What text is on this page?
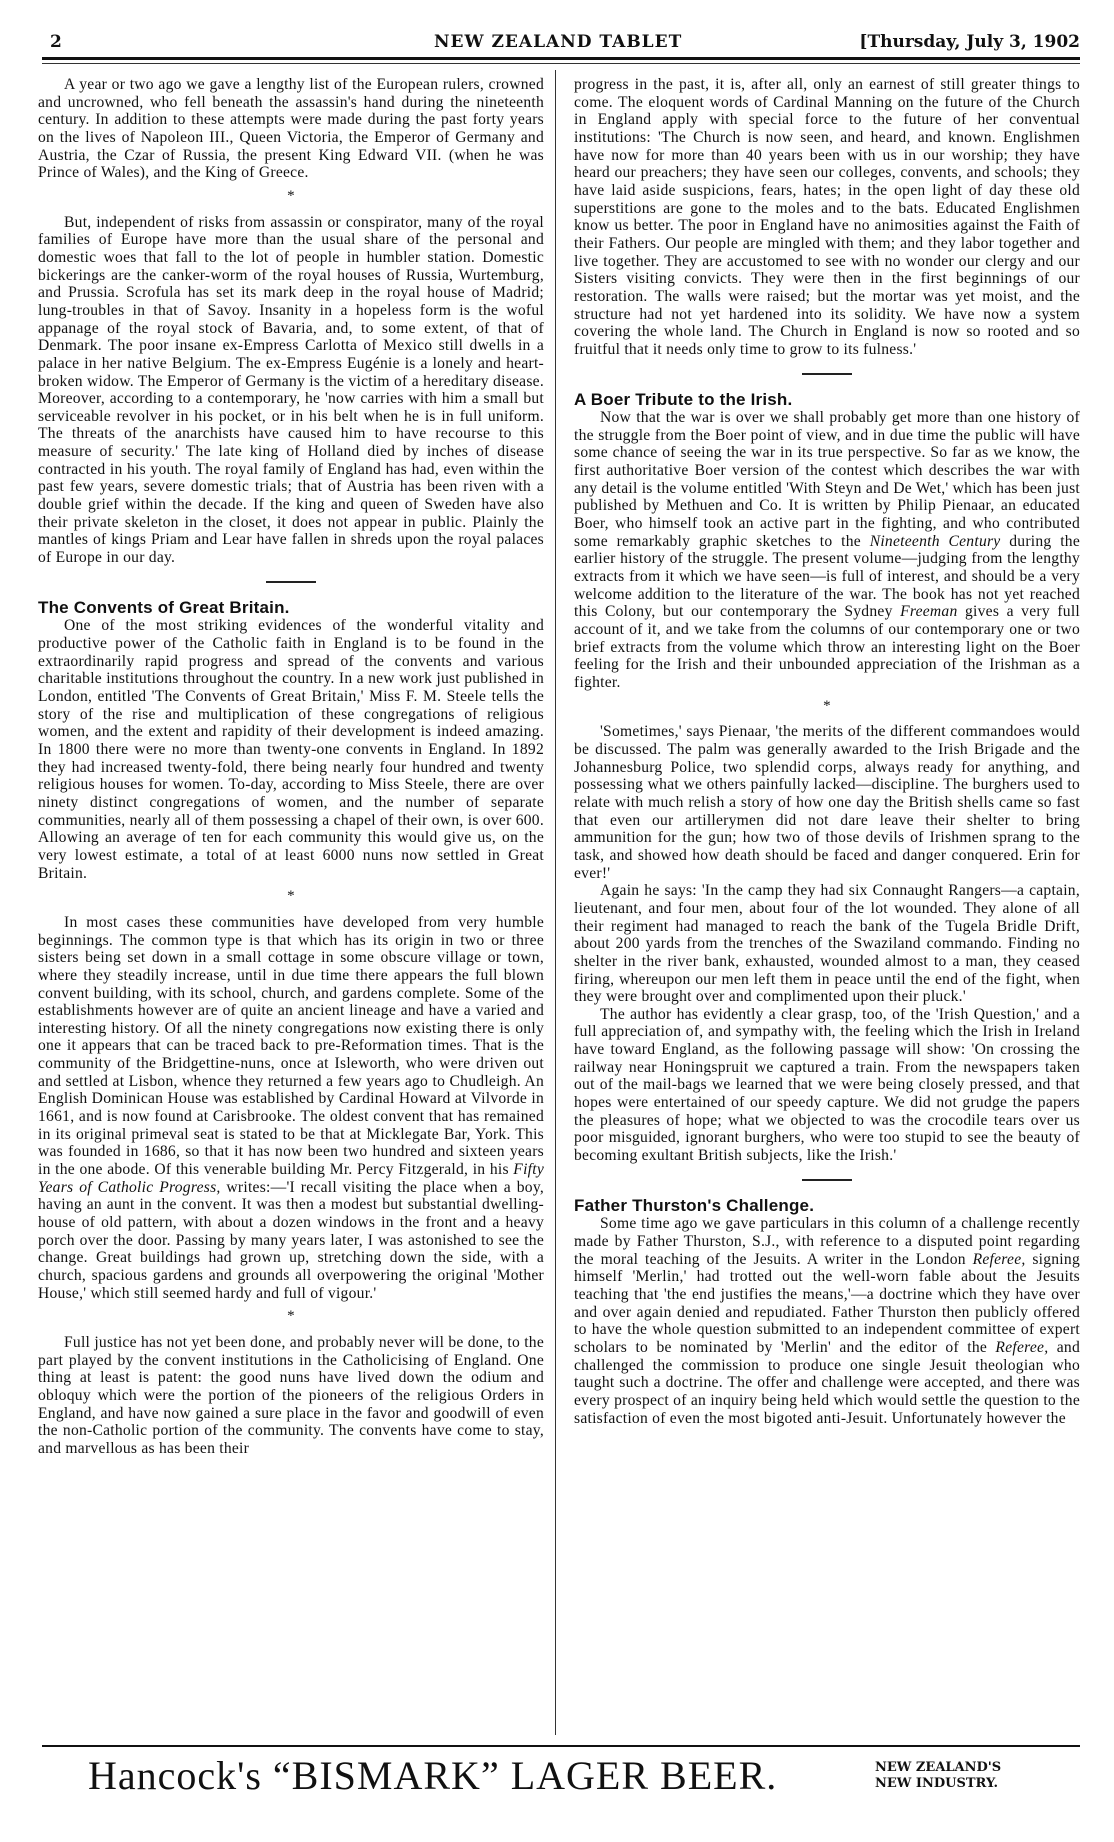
2	NEW ZEALAND TABLET	[Thursday, July 3, 1902

A year or two ago we gave a lengthy list of the European rulers, crowned and uncrowned, who fell beneath the assassin's hand during the nineteenth century. In addition to these attempts were made during the past forty years on the lives of Napoleon III., Queen Victoria, the Emperor of Germany and Austria, the Czar of Russia, the present King Edward VII. (when he was Prince of Wales), and the King of Greece.

*

But, independent of risks from assassin or conspirator, many of the royal families of Europe have more than the usual share of the personal and domestic woes that fall to the lot of people in humbler station. Domestic bickerings are the canker-worm of the royal houses of Russia, Wurtemburg, and Prussia. Scrofula has set its mark deep in the royal house of Madrid; lung-troubles in that of Savoy. Insanity in a hopeless form is the woful appanage of the royal stock of Bavaria, and, to some extent, of that of Denmark. The poor insane ex-Empress Carlotta of Mexico still dwells in a palace in her native Belgium. The ex-Empress Eugénie is a lonely and heart-broken widow. The Emperor of Germany is the victim of a hereditary disease. Moreover, according to a contemporary, he 'now carries with him a small but serviceable revolver in his pocket, or in his belt when he is in full uniform. The threats of the anarchists have caused him to have recourse to this measure of security.' The late king of Holland died by inches of disease contracted in his youth. The royal family of England has had, even within the past few years, severe domestic trials; that of Austria has been riven with a double grief within the decade. If the king and queen of Sweden have also their private skeleton in the closet, it does not appear in public. Plainly the mantles of kings Priam and Lear have fallen in shreds upon the royal palaces of Europe in our day.

The Convents of Great Britain.

One of the most striking evidences of the wonderful vitality and productive power of the Catholic faith in England is to be found in the extraordinarily rapid progress and spread of the convents and various charitable institutions throughout the country. In a new work just published in London, entitled 'The Convents of Great Britain,' Miss F. M. Steele tells the story of the rise and multiplication of these congregations of religious women, and the extent and rapidity of their development is indeed amazing. In 1800 there were no more than twenty-one convents in England. In 1892 they had increased twenty-fold, there being nearly four hundred and twenty religious houses for women. To-day, according to Miss Steele, there are over ninety distinct congregations of women, and the number of separate communities, nearly all of them possessing a chapel of their own, is over 600. Allowing an average of ten for each community this would give us, on the very lowest estimate, a total of at least 6000 nuns now settled in Great Britain.

*

In most cases these communities have developed from very humble beginnings. The common type is that which has its origin in two or three sisters being set down in a small cottage in some obscure village or town, where they steadily increase, until in due time there appears the full blown convent building, with its school, church, and gardens complete. Some of the establishments however are of quite an ancient lineage and have a varied and interesting history. Of all the ninety congregations now existing there is only one it appears that can be traced back to pre-Reformation times. That is the community of the Bridgettine-nuns, once at Isleworth, who were driven out and settled at Lisbon, whence they returned a few years ago to Chudleigh. An English Dominican House was established by Cardinal Howard at Vilvorde in 1661, and is now found at Carisbrooke. The oldest convent that has remained in its original primeval seat is stated to be that at Micklegate Bar, York. This was founded in 1686, so that it has now been two hundred and sixteen years in the one abode. Of this venerable building Mr. Percy Fitzgerald, in his Fifty Years of Catholic Progress, writes:—'I recall visiting the place when a boy, having an aunt in the convent. It was then a modest but substantial dwelling-house of old pattern, with about a dozen windows in the front and a heavy porch over the door. Passing by many years later, I was astonished to see the change. Great buildings had grown up, stretching down the side, with a church, spacious gardens and grounds all overpowering the original 'Mother House,' which still seemed hardy and full of vigour.'

*

Full justice has not yet been done, and probably never will be done, to the part played by the convent institutions in the Catholicising of England. One thing at least is patent: the good nuns have lived down the odium and obloquy which were the portion of the pioneers of the religious Orders in England, and have now gained a sure place in the favor and goodwill of even the non-Catholic portion of the community. The convents have come to stay, and marvellous as has been their

progress in the past, it is, after all, only an earnest of still greater things to come. The eloquent words of Cardinal Manning on the future of the Church in England apply with special force to the future of her conventual institutions: 'The Church is now seen, and heard, and known. Englishmen have now for more than 40 years been with us in our worship; they have heard our preachers; they have seen our colleges, convents, and schools; they have laid aside suspicions, fears, hates; in the open light of day these old superstitions are gone to the moles and to the bats. Educated Englishmen know us better. The poor in England have no animosities against the Faith of their Fathers. Our people are mingled with them; and they labor together and live together. They are accustomed to see with no wonder our clergy and our Sisters visiting convicts. They were then in the first beginnings of our restoration. The walls were raised; but the mortar was yet moist, and the structure had not yet hardened into its solidity. We have now a system covering the whole land. The Church in England is now so rooted and so fruitful that it needs only time to grow to its fulness.'

A Boer Tribute to the Irish.

Now that the war is over we shall probably get more than one history of the struggle from the Boer point of view, and in due time the public will have some chance of seeing the war in its true perspective. So far as we know, the first authoritative Boer version of the contest which describes the war with any detail is the volume entitled 'With Steyn and De Wet,' which has been just published by Methuen and Co. It is written by Philip Pienaar, an educated Boer, who himself took an active part in the fighting, and who contributed some remarkably graphic sketches to the Nineteenth Century during the earlier history of the struggle. The present volume—judging from the lengthy extracts from it which we have seen—is full of interest, and should be a very welcome addition to the literature of the war. The book has not yet reached this Colony, but our contemporary the Sydney Freeman gives a very full account of it, and we take from the columns of our contemporary one or two brief extracts from the volume which throw an interesting light on the Boer feeling for the Irish and their unbounded appreciation of the Irishman as a fighter.

*

'Sometimes,' says Pienaar, 'the merits of the different commandoes would be discussed. The palm was generally awarded to the Irish Brigade and the Johannesburg Police, two splendid corps, always ready for anything, and possessing what we others painfully lacked—discipline. The burghers used to relate with much relish a story of how one day the British shells came so fast that even our artillerymen did not dare leave their shelter to bring ammunition for the gun; how two of those devils of Irishmen sprang to the task, and showed how death should be faced and danger conquered. Erin for ever!'

Again he says: 'In the camp they had six Connaught Rangers—a captain, lieutenant, and four men, about four of the lot wounded. They alone of all their regiment had managed to reach the bank of the Tugela Bridle Drift, about 200 yards from the trenches of the Swaziland commando. Finding no shelter in the river bank, exhausted, wounded almost to a man, they ceased firing, whereupon our men left them in peace until the end of the fight, when they were brought over and complimented upon their pluck.'

The author has evidently a clear grasp, too, of the 'Irish Question,' and a full appreciation of, and sympathy with, the feeling which the Irish in Ireland have toward England, as the following passage will show: 'On crossing the railway near Honingspruit we captured a train. From the newspapers taken out of the mail-bags we learned that we were being closely pressed, and that hopes were entertained of our speedy capture. We did not grudge the papers the pleasures of hope; what we objected to was the crocodile tears over us poor misguided, ignorant burghers, who were too stupid to see the beauty of becoming exultant British subjects, like the Irish.'

Father Thurston's Challenge.

Some time ago we gave particulars in this column of a challenge recently made by Father Thurston, S.J., with reference to a disputed point regarding the moral teaching of the Jesuits. A writer in the London Referee, signing himself 'Merlin,' had trotted out the well-worn fable about the Jesuits teaching that 'the end justifies the means,'—a doctrine which they have over and over again denied and repudiated. Father Thurston then publicly offered to have the whole question submitted to an independent committee of expert scholars to be nominated by 'Merlin' and the editor of the Referee, and challenged the commission to produce one single Jesuit theologian who taught such a doctrine. The offer and challenge were accepted, and there was every prospect of an inquiry being held which would settle the question to the satisfaction of even the most bigoted anti-Jesuit. Unfortunately however the

Hancock's “BISMARK” LAGER BEER.	NEW ZEALAND'S
NEW INDUSTRY.
